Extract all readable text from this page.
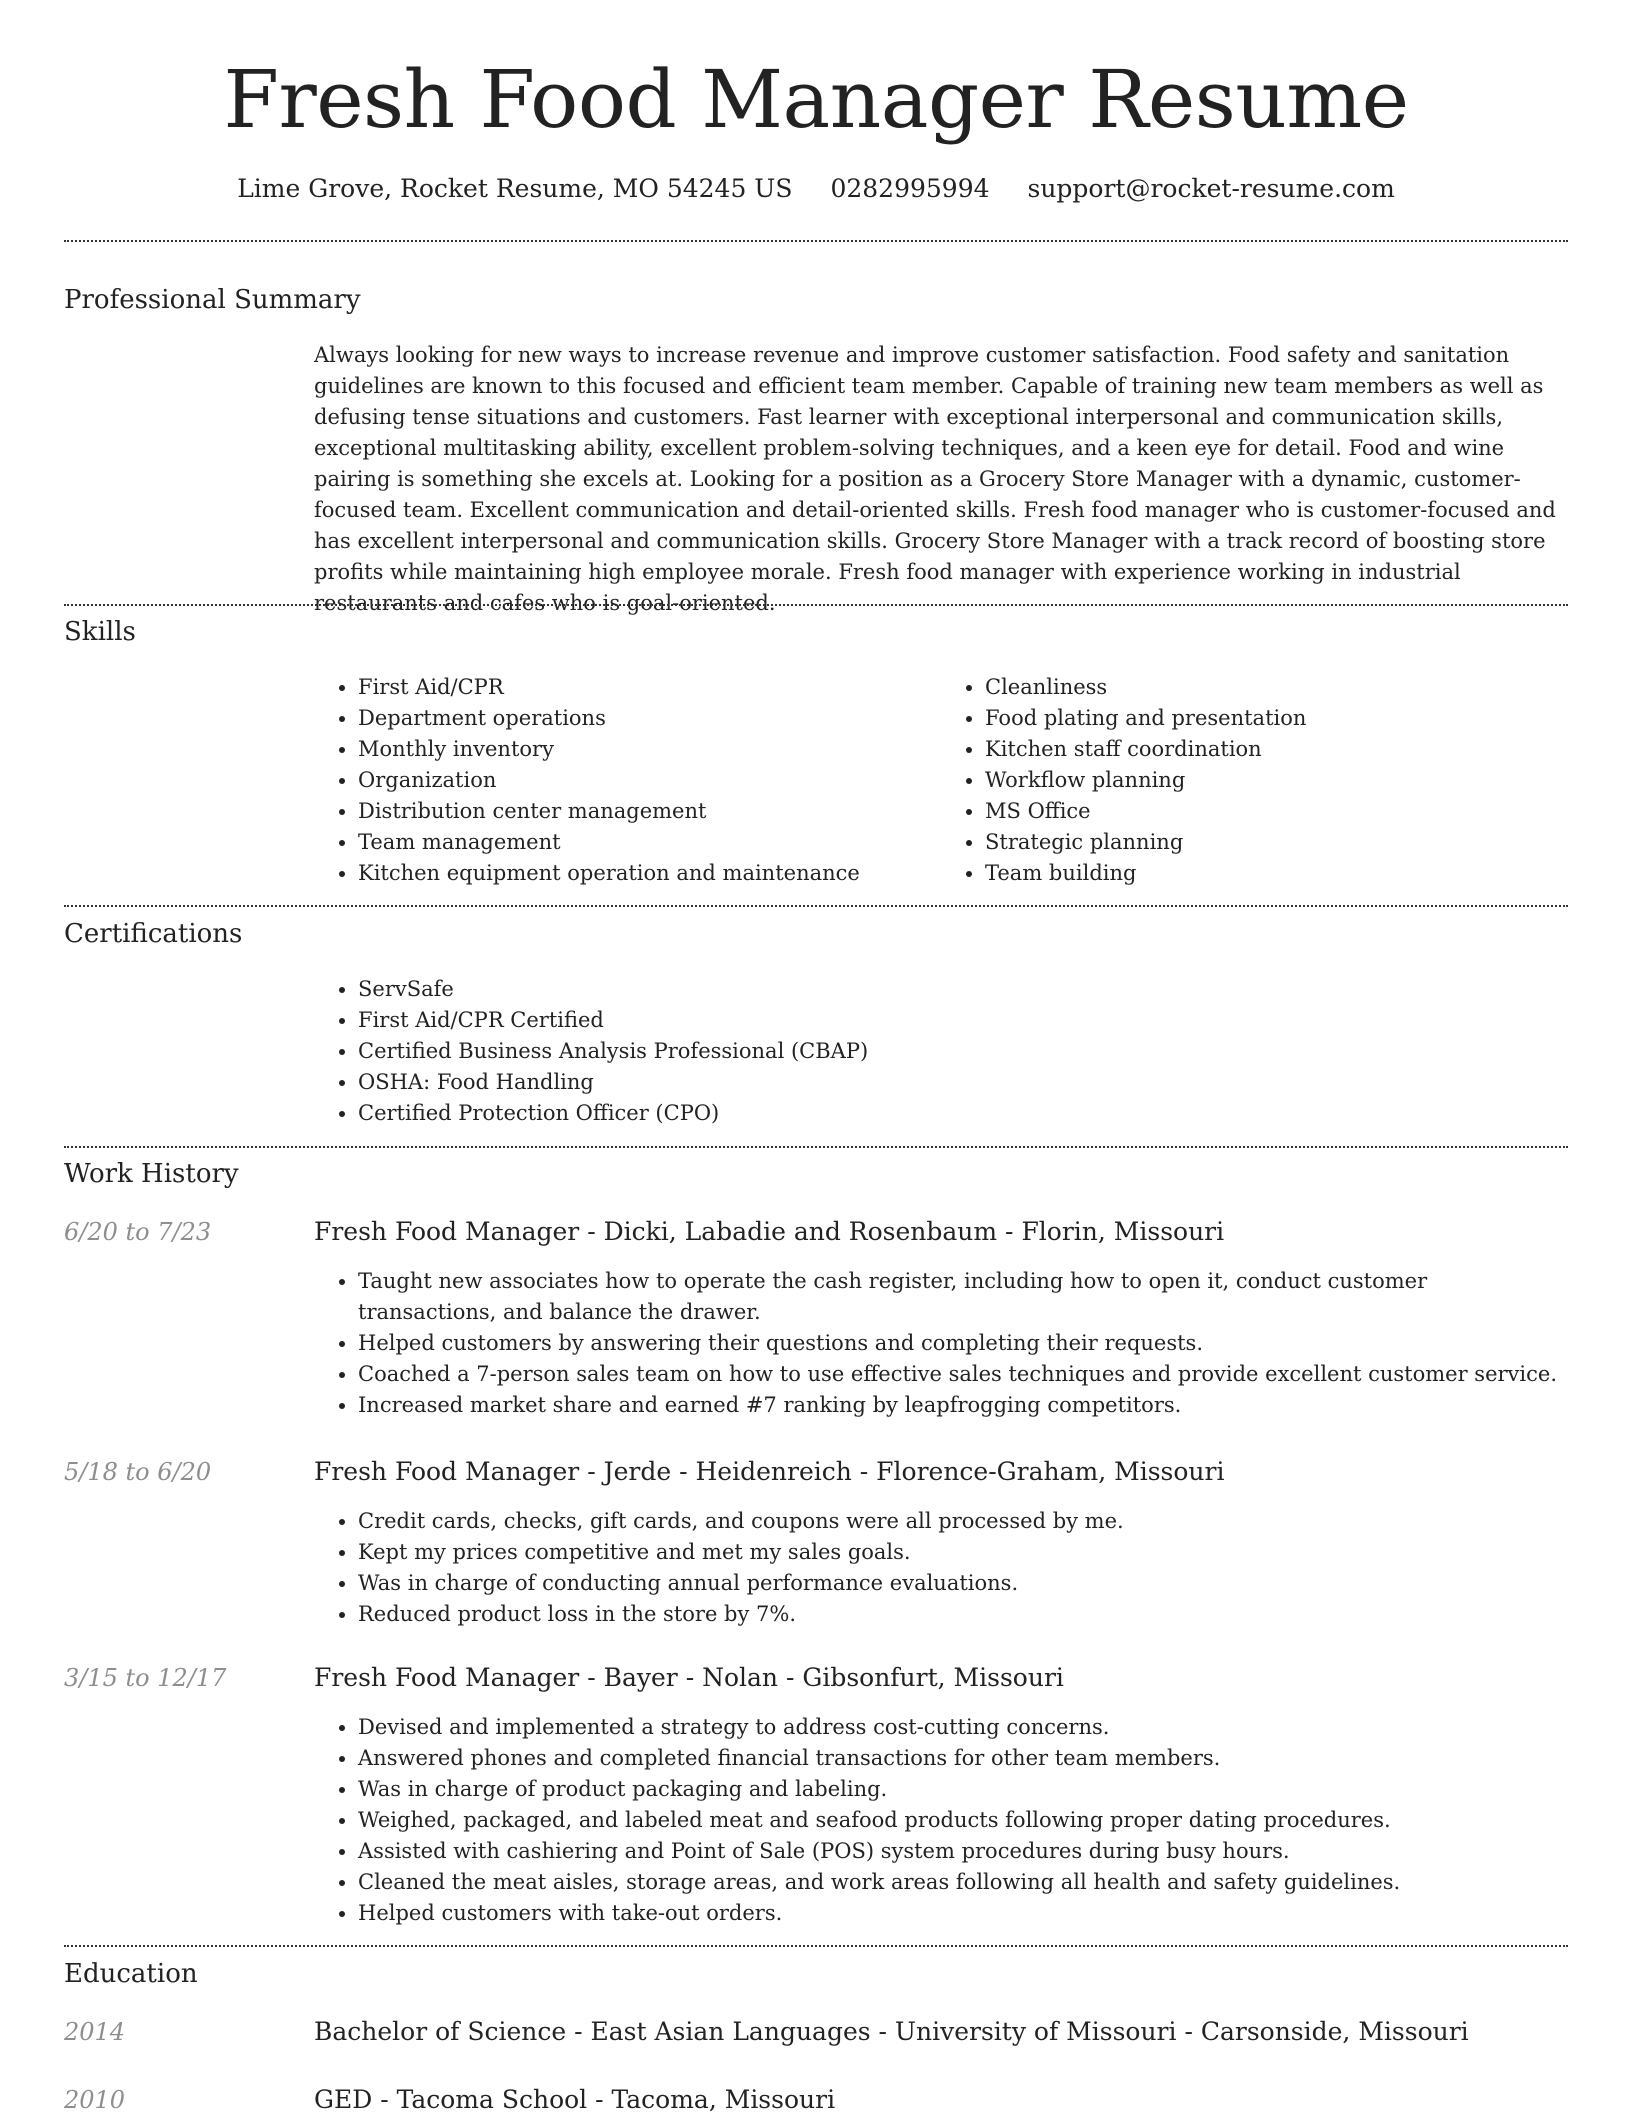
Fresh Food Manager Resume
Lime Grove, Rocket Resume, MO 54245 US 0282995994 support@rocket-resume.com
Professional Summary

Always looking for new ways to increase revenue and improve customer satisfaction. Food safety and sanitation guidelines are known to this focused and efficient team member. Capable of training new team members as well as defusing tense situations and customers. Fast learner with exceptional interpersonal and communication skills, exceptional multitasking ability, excellent problem-solving techniques, and a keen eye for detail. Food and wine pairing is something she excels at. Looking for a position as a Grocery Store Manager with a dynamic, customer-focused team. Excellent communication and detail-oriented skills. Fresh food manager who is customer-focused and has excellent interpersonal and communication skills. Grocery Store Manager with a track record of boosting store profits while maintaining high employee morale. Fresh food manager with experience working in industrial restaurants and cafes who is goal-oriented.

Skills
• First Aid/CPR
• Department operations
• Monthly inventory
• Organization
• Distribution center management
• Team management
• Kitchen equipment operation and maintenance
• Cleanliness
• Food plating and presentation
• Kitchen staff coordination
• Workflow planning
• MS Office
• Strategic planning
• Team building
Certifications
• ServSafe
• First Aid/CPR Certified
• Certified Business Analysis Professional (CBAP)
• OSHA: Food Handling
• Certified Protection Officer (CPO)
Work History
6/20 to 7/23	Fresh Food Manager - Dicki, Labadie and Rosenbaum - Florin, Missouri
• Taught new associates how to operate the cash register, including how to open it, conduct customer transactions, and balance the drawer.
• Helped customers by answering their questions and completing their requests.
• Coached a 7-person sales team on how to use effective sales techniques and provide excellent customer service.
• Increased market share and earned #7 ranking by leapfrogging competitors.
5/18 to 6/20	Fresh Food Manager - Jerde - Heidenreich - Florence-Graham, Missouri
• Credit cards, checks, gift cards, and coupons were all processed by me.
• Kept my prices competitive and met my sales goals.
• Was in charge of conducting annual performance evaluations.
• Reduced product loss in the store by 7%.
3/15 to 12/17	Fresh Food Manager - Bayer - Nolan - Gibsonfurt, Missouri
• Devised and implemented a strategy to address cost-cutting concerns.
• Answered phones and completed financial transactions for other team members.
• Was in charge of product packaging and labeling.
• Weighed, packaged, and labeled meat and seafood products following proper dating procedures.
• Assisted with cashiering and Point of Sale (POS) system procedures during busy hours.
• Cleaned the meat aisles, storage areas, and work areas following all health and safety guidelines.
• Helped customers with take-out orders.
Education
2014	Bachelor of Science - East Asian Languages - University of Missouri - Carsonside, Missouri
2010	GED - Tacoma School - Tacoma, Missouri
